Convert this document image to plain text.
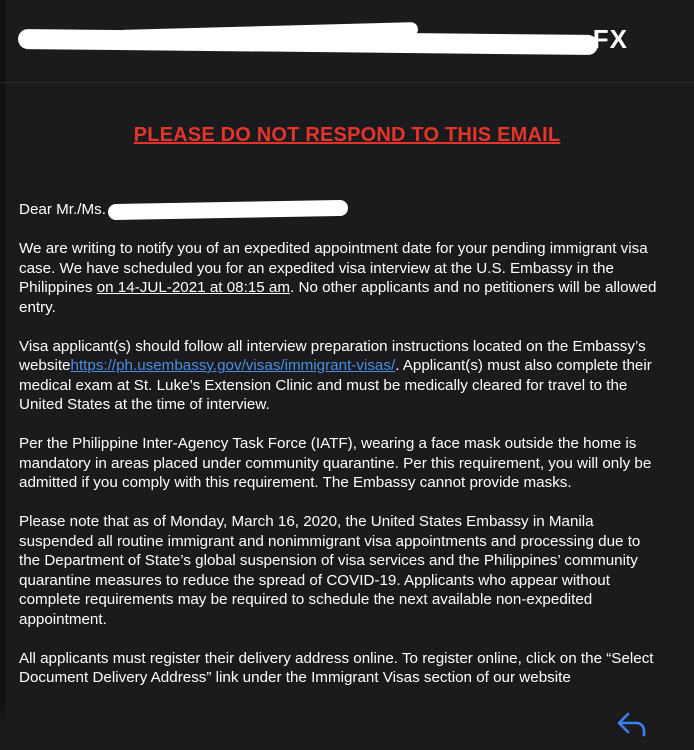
FX
PLEASE DO NOT RESPOND TO THIS EMAIL

Dear Mr./Ms.

We are writing to notify you of an expedited appointment date for your pending immigrant visa case. We have scheduled you for an expedited visa interview at the U.S. Embassy in the Philippines on 14-JUL-2021 at 08:15 am. No other applicants and no petitioners will be allowed entry.

Visa applicant(s) should follow all interview preparation instructions located on the Embassy’s websitehttps://ph.usembassy.gov/visas/immigrant-visas/. Applicant(s) must also complete their medical exam at St. Luke’s Extension Clinic and must be medically cleared for travel to the United States at the time of interview.

Per the Philippine Inter-Agency Task Force (IATF), wearing a face mask outside the home is mandatory in areas placed under community quarantine. Per this requirement, you will only be admitted if you comply with this requirement. The Embassy cannot provide masks.

Please note that as of Monday, March 16, 2020, the United States Embassy in Manila suspended all routine immigrant and nonimmigrant visa appointments and processing due to the Department of State’s global suspension of visa services and the Philippines’ community quarantine measures to reduce the spread of COVID-19. Applicants who appear without complete requirements may be required to schedule the next available non-expedited appointment.

All applicants must register their delivery address online. To register online, click on the “Select Document Delivery Address” link under the Immigrant Visas section of our website
